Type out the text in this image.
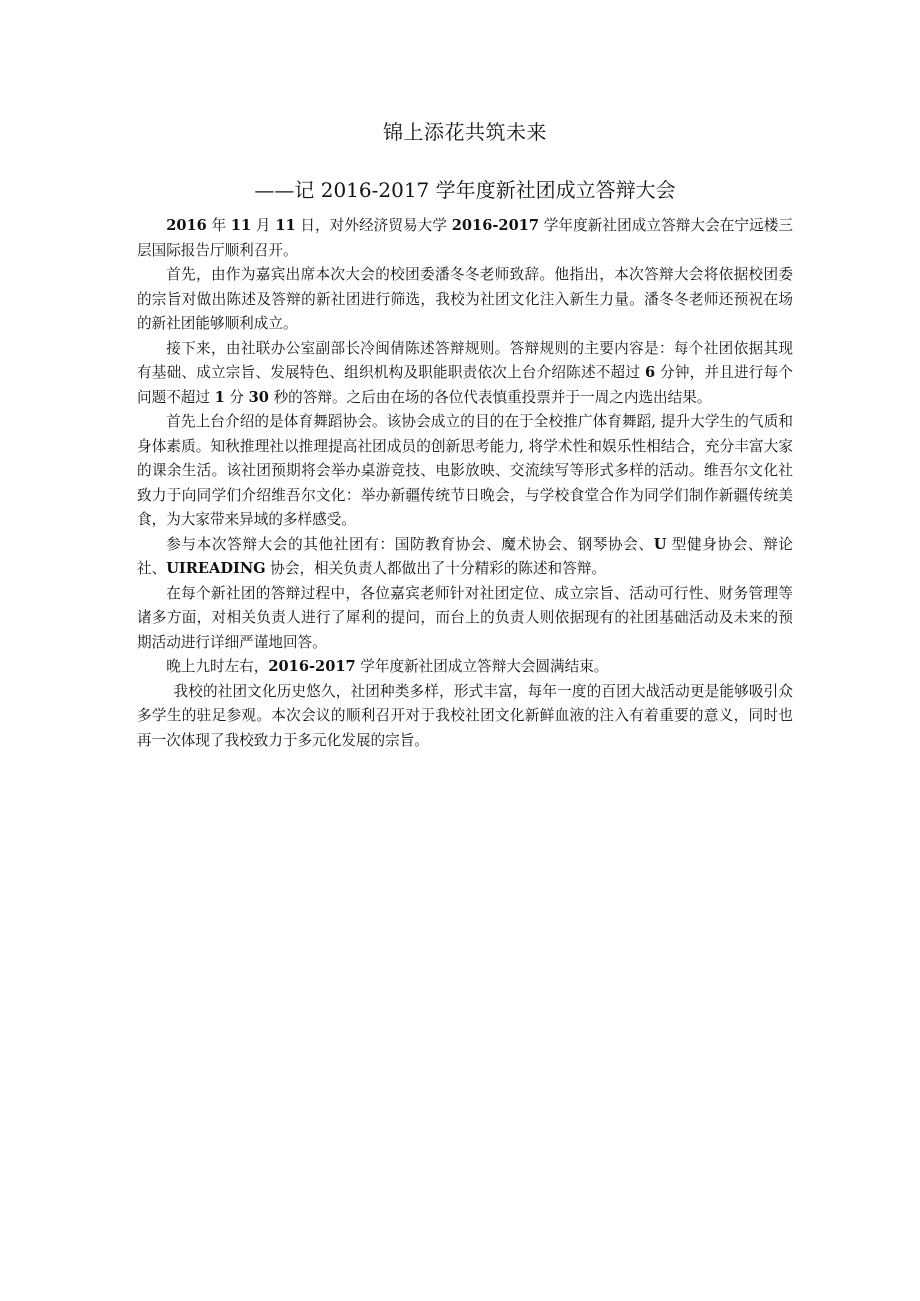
锦上添花共筑未来
——记 2016-2017 学年度新社团成立答辩大会

2016 年 11 月 11 日，对外经济贸易大学 2016-2017 学年度新社团成立答辩大会在宁远楼三层国际报告厅顺利召开。

首先，由作为嘉宾出席本次大会的校团委潘冬冬老师致辞。他指出，本次答辩大会将依据校团委的宗旨对做出陈述及答辩的新社团进行筛选，我校为社团文化注入新生力量。潘冬冬老师还预祝在场的新社团能够顺利成立。

接下来，由社联办公室副部长冷闽倩陈述答辩规则。答辩规则的主要内容是：每个社团依据其现有基础、成立宗旨、发展特色、组织机构及职能职责依次上台介绍陈述不超过 6 分钟，并且进行每个问题不超过 1 分 30 秒的答辩。之后由在场的各位代表慎重投票并于一周之内选出结果。

首先上台介绍的是体育舞蹈协会。该协会成立的目的在于全校推广体育舞蹈, 提升大学生的气质和身体素质。知秋推理社以推理提高社团成员的创新思考能力, 将学术性和娱乐性相结合，充分丰富大家的课余生活。该社团预期将会举办桌游竞技、电影放映、交流续写等形式多样的活动。维吾尔文化社致力于向同学们介绍维吾尔文化：举办新疆传统节日晚会，与学校食堂合作为同学们制作新疆传统美食，为大家带来异域的多样感受。

参与本次答辩大会的其他社团有：国防教育协会、魔术协会、钢琴协会、U 型健身协会、辩论社、UIREADING 协会，相关负责人都做出了十分精彩的陈述和答辩。

在每个新社团的答辩过程中，各位嘉宾老师针对社团定位、成立宗旨、活动可行性、财务管理等诸多方面，对相关负责人进行了犀利的提问，而台上的负责人则依据现有的社团基础活动及未来的预期活动进行详细严谨地回答。

晚上九时左右，2016-2017 学年度新社团成立答辩大会圆满结束。

我校的社团文化历史悠久，社团种类多样，形式丰富，每年一度的百团大战活动更是能够吸引众多学生的驻足参观。本次会议的顺利召开对于我校社团文化新鲜血液的注入有着重要的意义，同时也再一次体现了我校致力于多元化发展的宗旨。
